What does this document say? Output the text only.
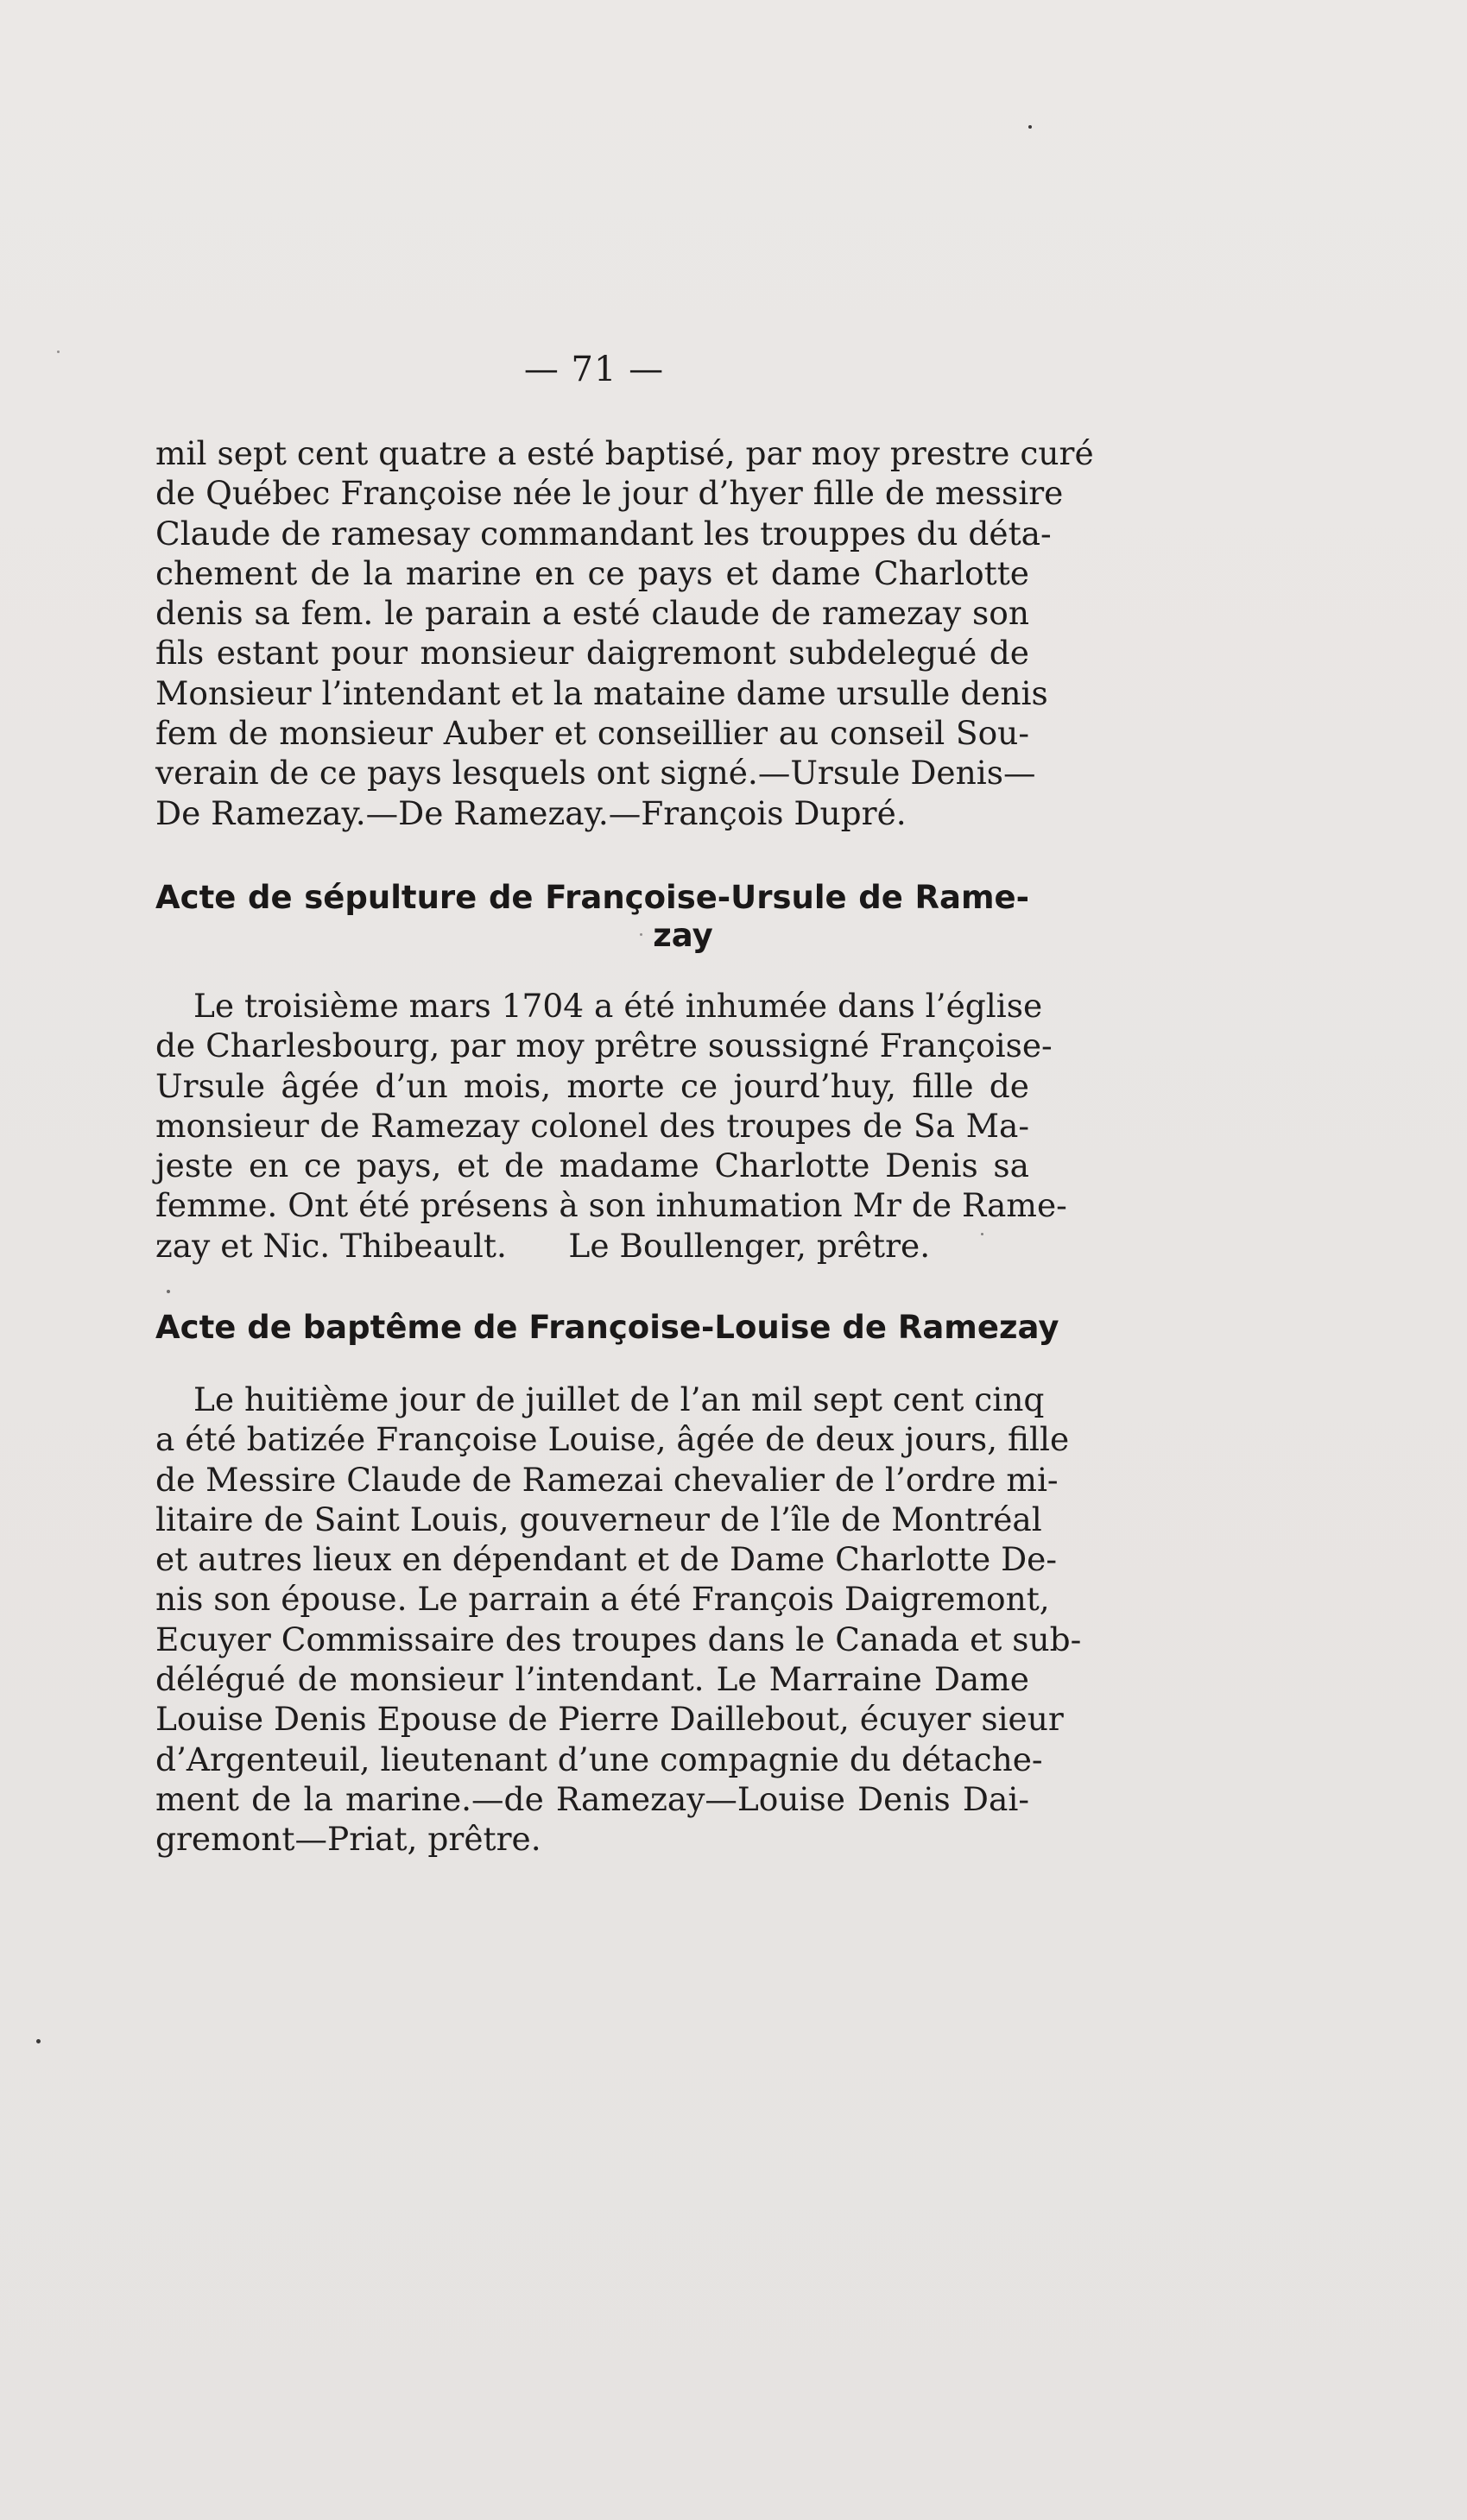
— 71 —
mil sept cent quatre a esté baptisé, par moy prestre curé
de Québec Françoise née le jour d’hyer fille de messire
Claude de ramesay commandant les trouppes du déta-
chement de la marine en ce pays et dame Charlotte
denis sa fem. le parain a esté claude de ramezay son
fils estant pour monsieur daigremont subdelegué de
Monsieur l’intendant et la mataine dame ursulle denis
fem de monsieur Auber et conseillier au conseil Sou-
verain de ce pays lesquels ont signé.—Ursule Denis—
De Ramezay.—De Ramezay.—François Dupré.
Acte de sépulture de Françoise-Ursule de Rame-
zay
Le troisième mars 1704 a été inhumée dans l’église
de Charlesbourg, par moy prêtre soussigné Françoise-
Ursule âgée d’un mois, morte ce jourd’huy, fille de
monsieur de Ramezay colonel des troupes de Sa Ma-
jeste en ce pays, et de madame Charlotte Denis sa
femme. Ont été présens à son inhumation Mr de Rame-
zay et Nic. Thibeault.      Le Boullenger, prêtre.
Acte de baptême de Françoise-Louise de Ramezay
Le huitième jour de juillet de l’an mil sept cent cinq
a été batizée Françoise Louise, âgée de deux jours, fille
de Messire Claude de Ramezai chevalier de l’ordre mi-
litaire de Saint Louis, gouverneur de l’île de Montréal
et autres lieux en dépendant et de Dame Charlotte De-
nis son épouse. Le parrain a été François Daigremont,
Ecuyer Commissaire des troupes dans le Canada et sub-
délégué de monsieur l’intendant. Le Marraine Dame
Louise Denis Epouse de Pierre Daillebout, écuyer sieur
d’Argenteuil, lieutenant d’une compagnie du détache-
ment de la marine.—de Ramezay—Louise Denis Dai-
gremont—Priat, prêtre.
